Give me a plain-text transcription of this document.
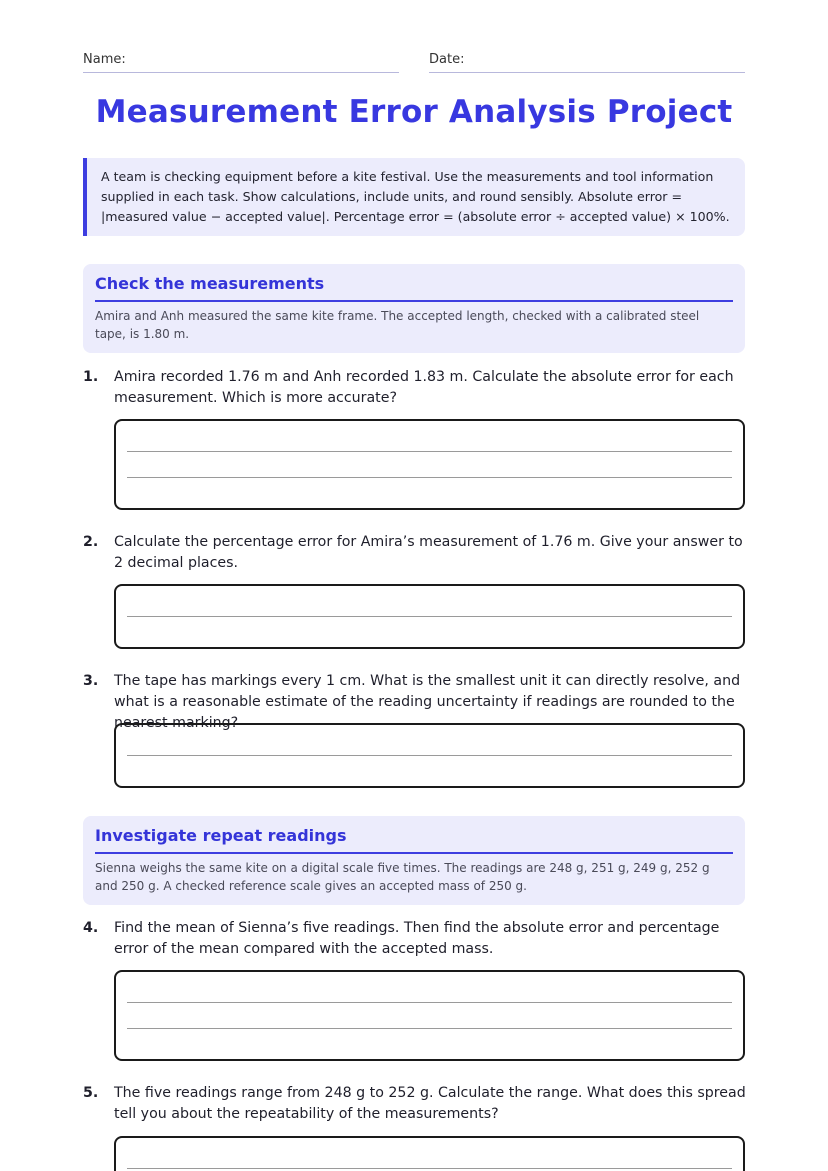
Name:	Date:
Measurement Error Analysis Project
A team is checking equipment before a kite festival. Use the measurements and tool information supplied in each task. Show calculations, include units, and round sensibly. Absolute error = |measured value − accepted value|. Percentage error = (absolute error ÷ accepted value) × 100%.
Check the measurements
Amira and Anh measured the same kite frame. The accepted length, checked with a calibrated steel tape, is 1.80 m.
1. Amira recorded 1.76 m and Anh recorded 1.83 m. Calculate the absolute error for each measurement. Which is more accurate?
2. Calculate the percentage error for Amira’s measurement of 1.76 m. Give your answer to 2 decimal places.
3. The tape has markings every 1 cm. What is the smallest unit it can directly resolve, and what is a reasonable estimate of the reading uncertainty if readings are rounded to the nearest marking?
Investigate repeat readings
Sienna weighs the same kite on a digital scale five times. The readings are 248 g, 251 g, 249 g, 252 g and 250 g. A checked reference scale gives an accepted mass of 250 g.
4. Find the mean of Sienna’s five readings. Then find the absolute error and percentage error of the mean compared with the accepted mass.
5. The five readings range from 248 g to 252 g. Calculate the range. What does this spread tell you about the repeatability of the measurements?
